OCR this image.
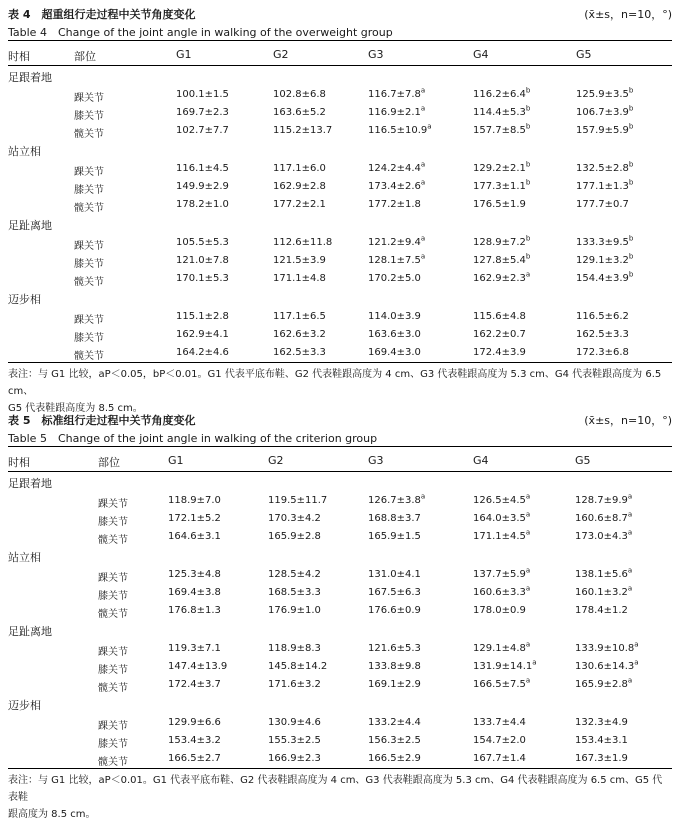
表 4　超重组行走过程中关节角度变化	(x̄±s，n=10，°)
Table 4　Change of the joint angle in walking of the overweight group
时相	部位	G1	G2	G3	G4	G5
足跟着地
踝关节	100.1±1.5	102.8±6.8	116.7±7.8$^a$	116.2±6.4$^b$	125.9±3.5$^b$
膝关节	169.7±2.3	163.6±5.2	116.9±2.1$^a$	114.4±5.3$^b$	106.7±3.9$^b$
髋关节	102.7±7.7	115.2±13.7	116.5±10.9$^a$	157.7±8.5$^b$	157.9±5.9$^b$
站立相
踝关节	116.1±4.5	117.1±6.0	124.2±4.4$^a$	129.2±2.1$^b$	132.5±2.8$^b$
膝关节	149.9±2.9	162.9±2.8	173.4±2.6$^a$	177.3±1.1$^b$	177.1±1.3$^b$
髋关节	178.2±1.0	177.2±2.1	177.2±1.8	176.5±1.9	177.7±0.7
足趾离地
踝关节	105.5±5.3	112.6±11.8	121.2±9.4$^a$	128.9±7.2$^b$	133.3±9.5$^b$
膝关节	121.0±7.8	121.5±3.9	128.1±7.5$^a$	127.8±5.4$^b$	129.1±3.2$^b$
髋关节	170.1±5.3	171.1±4.8	170.2±5.0	162.9±2.3$^a$	154.4±3.9$^b$
迈步相
踝关节	115.1±2.8	117.1±6.5	114.0±3.9	115.6±4.8	116.5±6.2
膝关节	162.9±4.1	162.6±3.2	163.6±3.0	162.2±0.7	162.5±3.3
髋关节	164.2±4.6	162.5±3.3	169.4±3.0	172.4±3.9	172.3±6.8
表注：与 G1 比较，aP＜0.05，bP＜0.01。G1 代表平底布鞋、G2 代表鞋跟高度为 4 cm、G3 代表鞋跟高度为 5.3 cm、G4 代表鞋跟高度为 6.5 cm、
G5 代表鞋跟高度为 8.5 cm。
表 5　标准组行走过程中关节角度变化	(x̄±s，n=10，°)
Table 5　Change of the joint angle in walking of the criterion group
时相	部位	G1	G2	G3	G4	G5
足跟着地
踝关节	118.9±7.0	119.5±11.7	126.7±3.8$^a$	126.5±4.5$^a$	128.7±9.9$^a$
膝关节	172.1±5.2	170.3±4.2	168.8±3.7	164.0±3.5$^a$	160.6±8.7$^a$
髋关节	164.6±3.1	165.9±2.8	165.9±1.5	171.1±4.5$^a$	173.0±4.3$^a$
站立相
踝关节	125.3±4.8	128.5±4.2	131.0±4.1	137.7±5.9$^a$	138.1±5.6$^a$
膝关节	169.4±3.8	168.5±3.3	167.5±6.3	160.6±3.3$^a$	160.1±3.2$^a$
髋关节	176.8±1.3	176.9±1.0	176.6±0.9	178.0±0.9	178.4±1.2
足趾离地
踝关节	119.3±7.1	118.9±8.3	121.6±5.3	129.1±4.8$^a$	133.9±10.8$^a$
膝关节	147.4±13.9	145.8±14.2	133.8±9.8	131.9±14.1$^a$	130.6±14.3$^a$
髋关节	172.4±3.7	171.6±3.2	169.1±2.9	166.5±7.5$^a$	165.9±2.8$^a$
迈步相
踝关节	129.9±6.6	130.9±4.6	133.2±4.4	133.7±4.4	132.3±4.9
膝关节	153.4±3.2	155.3±2.5	156.3±2.5	154.7±2.0	153.4±3.1
髋关节	166.5±2.7	166.9±2.3	166.5±2.9	167.7±1.4	167.3±1.9
表注：与 G1 比较，aP＜0.01。G1 代表平底布鞋、G2 代表鞋跟高度为 4 cm、G3 代表鞋跟高度为 5.3 cm、G4 代表鞋跟高度为 6.5 cm、G5 代表鞋
跟高度为 8.5 cm。
